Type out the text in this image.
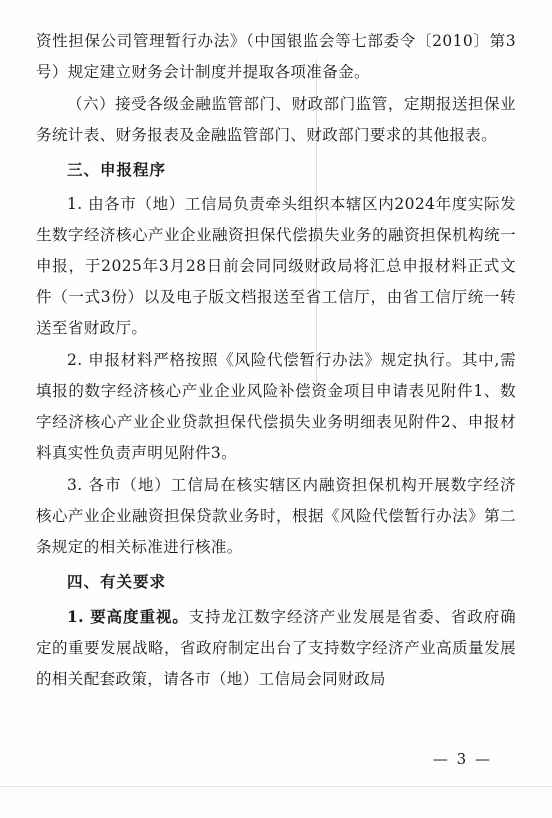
资性担保公司管理暂行办法》（中国银监会等七部委令〔2010〕第3号）规定建立财务会计制度并提取各项准备金。

（六）接受各级金融监管部门、财政部门监管，定期报送担保业务统计表、财务报表及金融监管部门、财政部门要求的其他报表。

三、申报程序

1. 由各市（地）工信局负责牵头组织本辖区内2024年度实际发生数字经济核心产业企业融资担保代偿损失业务的融资担保机构统一申报，于2025年3月28日前会同同级财政局将汇总申报材料正式文件（一式3份）以及电子版文档报送至省工信厅，由省工信厅统一转送至省财政厅。

2. 申报材料严格按照《风险代偿暂行办法》规定执行。其中,需填报的数字经济核心产业企业风险补偿资金项目申请表见附件1、数字经济核心产业企业贷款担保代偿损失业务明细表见附件2、申报材料真实性负责声明见附件3。

3. 各市（地）工信局在核实辖区内融资担保机构开展数字经济核心产业企业融资担保贷款业务时，根据《风险代偿暂行办法》第二条规定的相关标准进行核准。

四、有关要求

1. 要高度重视。支持龙江数字经济产业发展是省委、省政府确定的重要发展战略，省政府制定出台了支持数字经济产业高质量发展的相关配套政策，请各市（地）工信局会同财政局

— 3 —
